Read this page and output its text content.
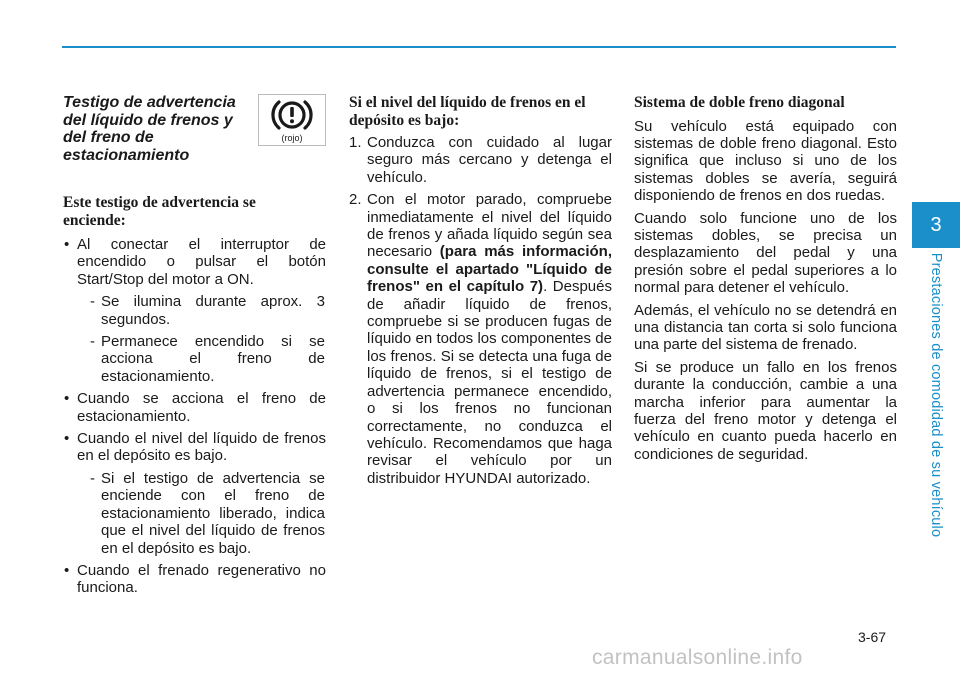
3
Prestaciones de comodidad de su vehículo
Testigo de advertencia del líquido de frenos y del freno de estacionamiento
Este testigo de advertencia se enciende:
• Al conectar el interruptor de encendido o pulsar el botón Start/Stop del motor a ON.
- Se ilumina durante aprox. 3 segundos.
- Permanece encendido si se acciona el freno de estacionamiento.
• Cuando se acciona el freno de estacionamiento.
• Cuando el nivel del líquido de frenos en el depósito es bajo.
- Si el testigo de advertencia se enciende con el freno de estacionamiento liberado, indica que el nivel del líquido de frenos en el depósito es bajo.
• Cuando el frenado regenerativo no funciona.
(rojo)
Si el nivel del líquido de frenos en el depósito es bajo:
1. Conduzca con cuidado al lugar seguro más cercano y detenga el vehículo.
2. Con el motor parado, compruebe inmediatamente el nivel del líquido de frenos y añada líquido según sea necesario (para más información, consulte el apartado "Líquido de frenos" en el capítulo 7). Después de añadir líquido de frenos, compruebe si se producen fugas de líquido en todos los componentes de los frenos. Si se detecta una fuga de líquido de frenos, si el testigo de advertencia permanece encendido, o si los frenos no funcionan correctamente, no conduzca el vehículo. Recomendamos que haga revisar el vehículo por un distribuidor HYUNDAI autorizado.
Sistema de doble freno diagonal

Su vehículo está equipado con sistemas de doble freno diagonal. Esto significa que incluso si uno de los sistemas dobles se avería, seguirá disponiendo de frenos en dos ruedas.

Cuando solo funcione uno de los sistemas dobles, se precisa un desplazamiento del pedal y una presión sobre el pedal superiores a lo normal para detener el vehículo.

Además, el vehículo no se detendrá en una distancia tan corta si solo funciona una parte del sistema de frenado.

Si se produce un fallo en los frenos durante la conducción, cambie a una marcha inferior para aumentar la fuerza del freno motor y detenga el vehículo en cuanto pueda hacerlo en condiciones de seguridad.

3-67
carmanualsonline.info
